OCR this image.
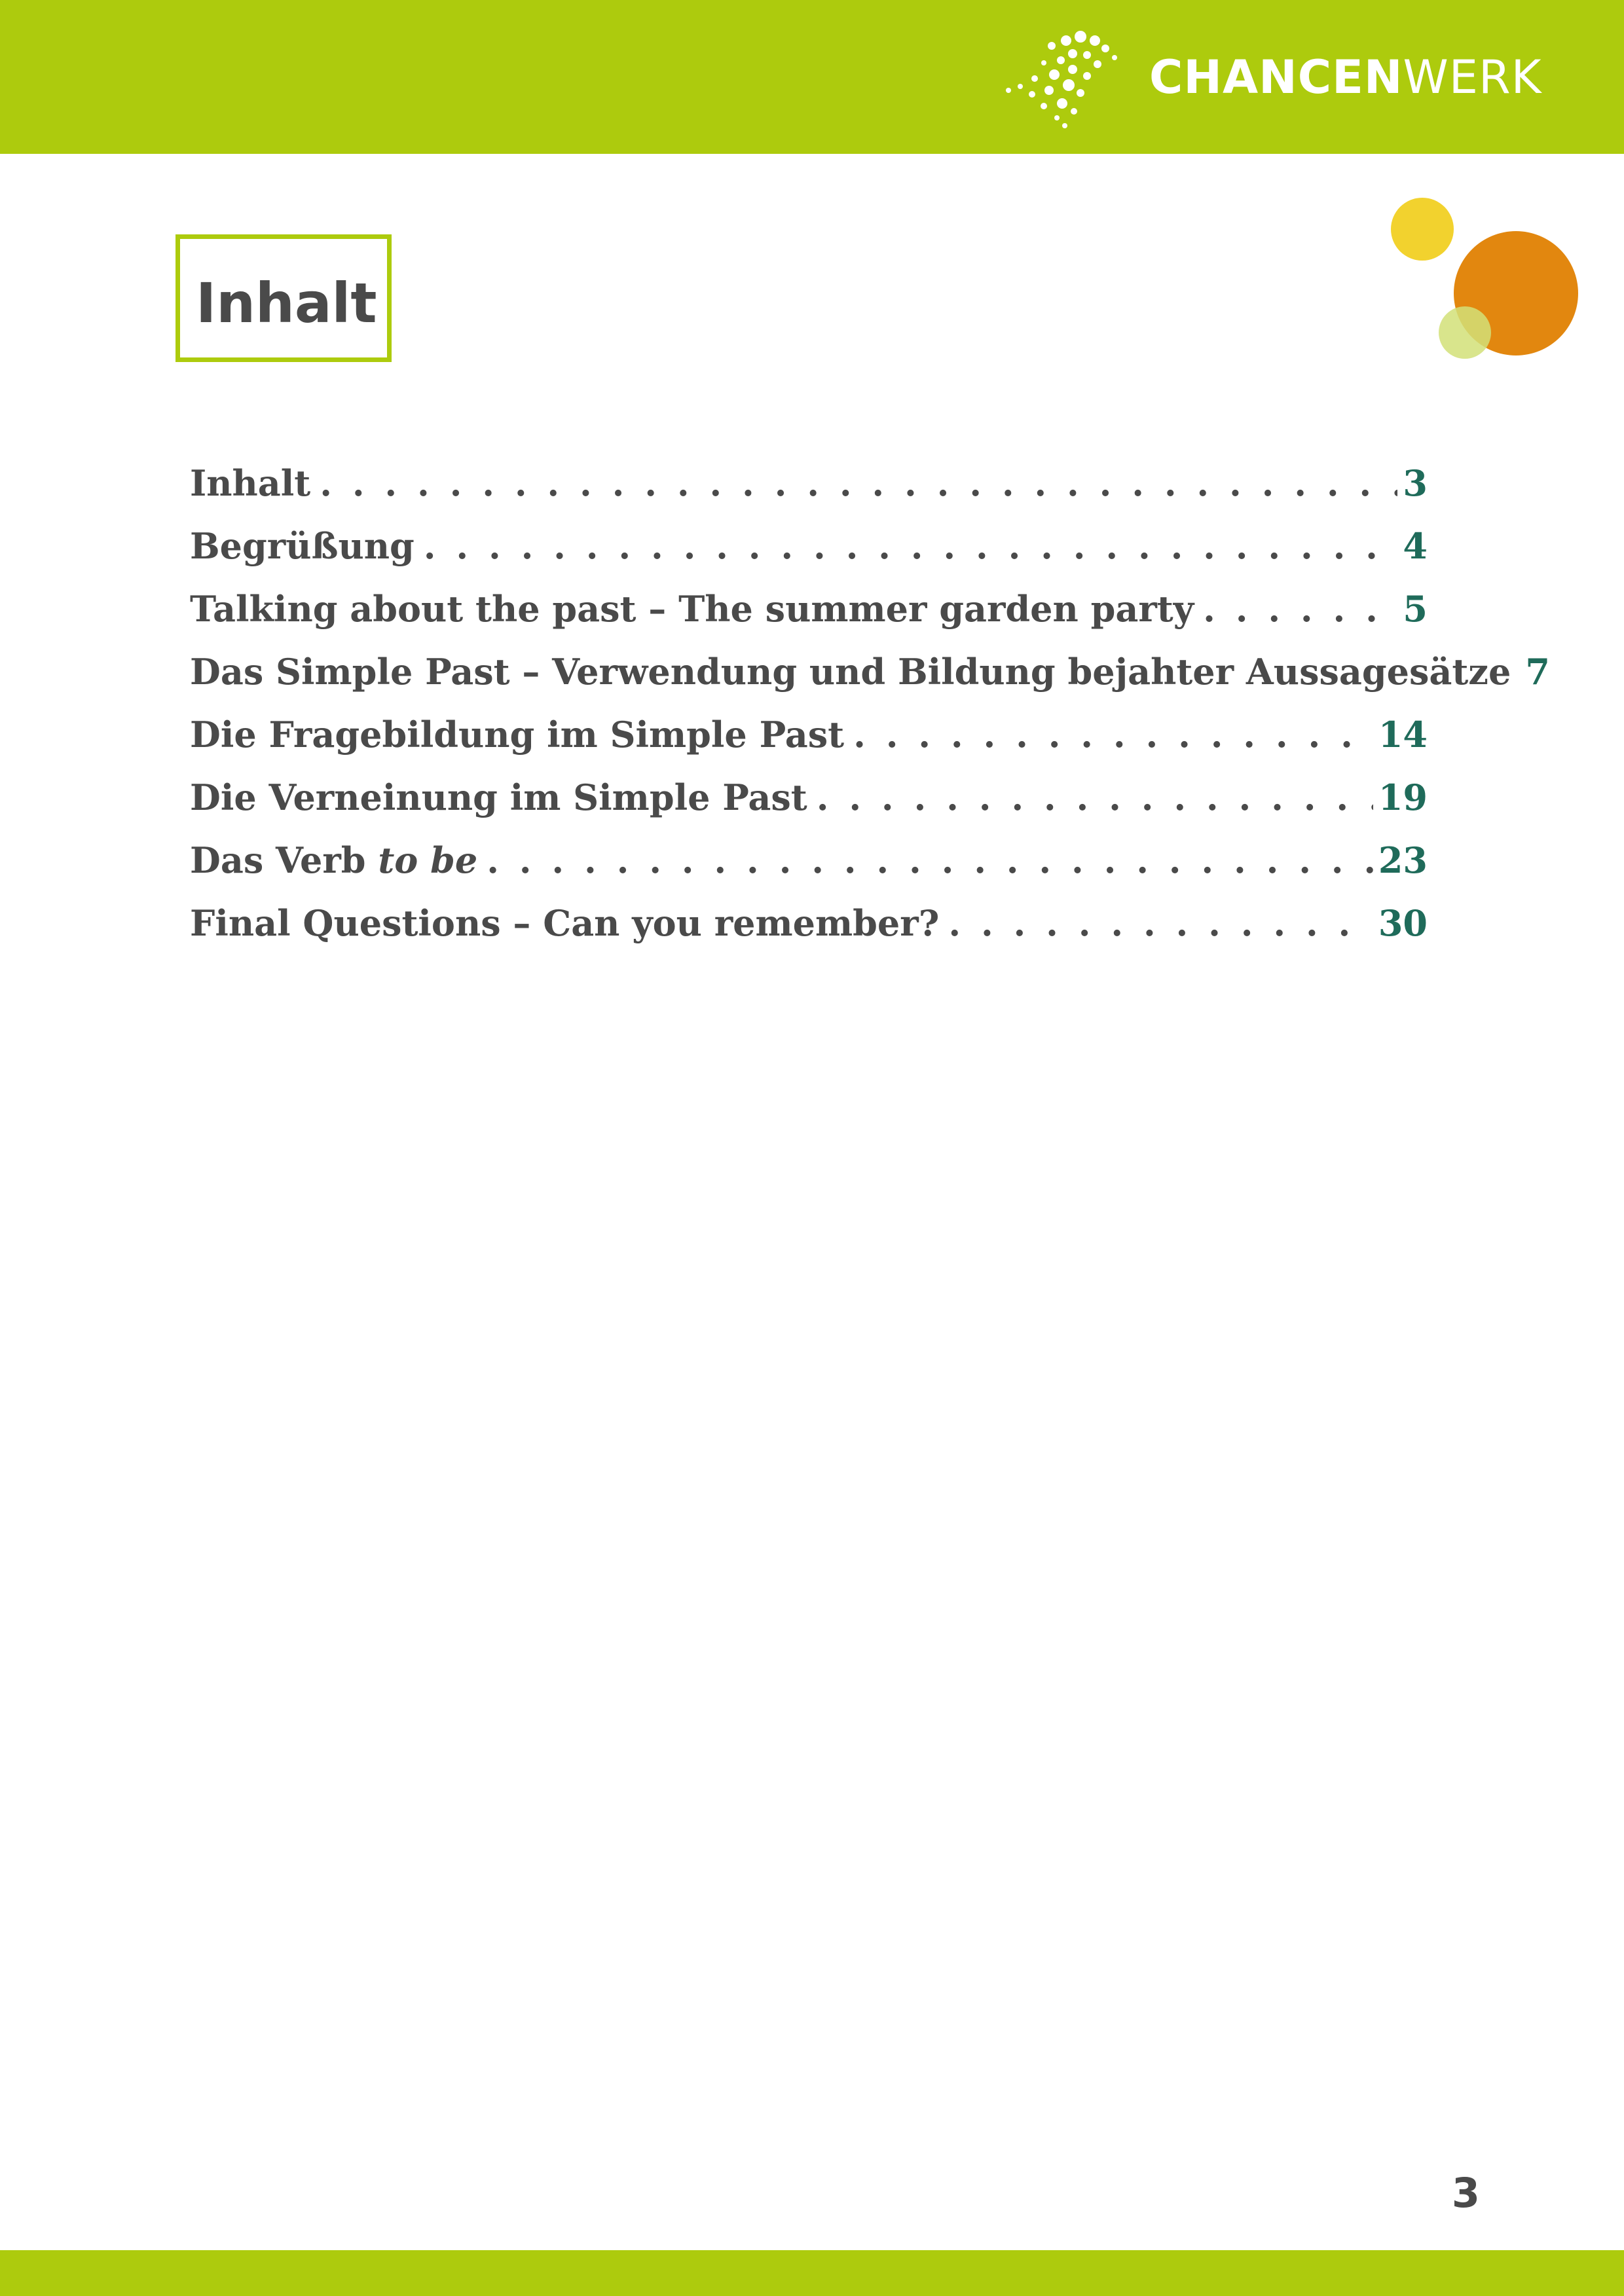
CHANCENWERK
Inhalt
Inhalt . . .	3
Begrüßung . . .	4
Talking about the past – The summer garden party . . .	5
Das Simple Past – Verwendung und Bildung bejahter Aussagesätze 7
Die Fragebildung im Simple Past . . .	14
Die Verneinung im Simple Past . . .	19
Das Verb to be . . .	23
Final Questions – Can you remember? . . .	30
3
